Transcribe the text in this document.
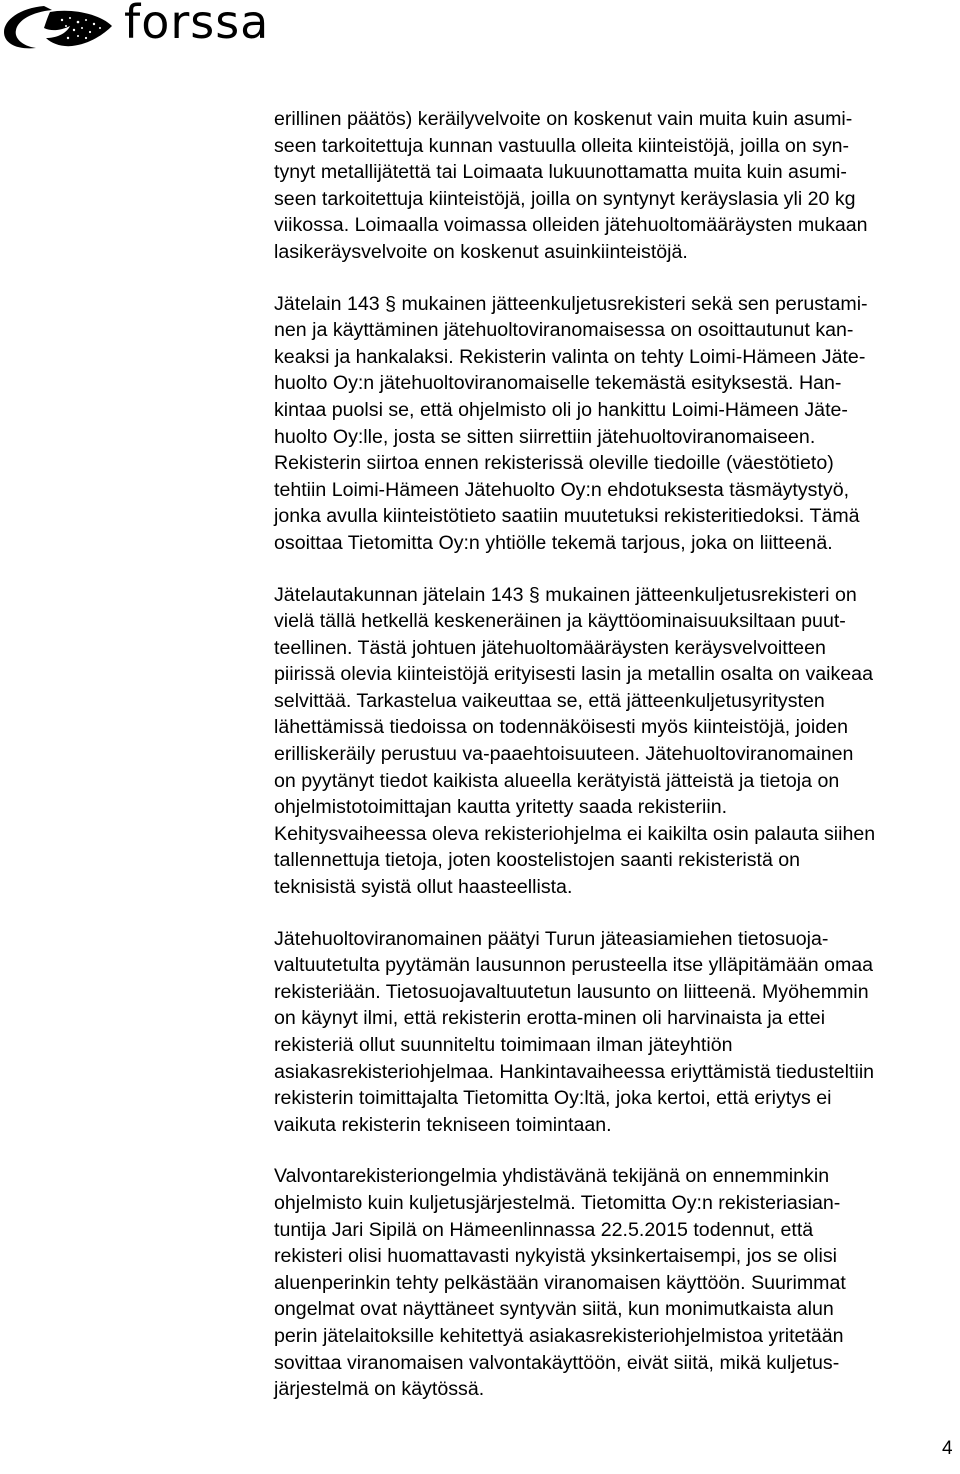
forssa
erillinen päätös) keräilyvelvoite on koskenut vain muita kuin asumi-
seen tarkoitettuja kunnan vastuulla olleita kiinteistöjä, joilla on syn-
tynyt metallijätettä tai Loimaata lukuunottamatta muita kuin asumi-
seen tarkoitettuja kiinteistöjä, joilla on syntynyt keräyslasia yli 20 kg
viikossa. Loimaalla voimassa olleiden jätehuoltomääräysten mukaan
lasikeräysvelvoite on koskenut asuinkiinteistöjä.
Jätelain 143 § mukainen jätteenkuljetusrekisteri sekä sen perustami-
nen ja käyttäminen jätehuoltoviranomaisessa on osoittautunut kan-
keaksi ja hankalaksi. Rekisterin valinta on tehty Loimi-Hämeen Jäte-
huolto Oy:n jätehuoltoviranomaiselle tekemästä esityksestä. Han-
kintaa puolsi se, että ohjelmisto oli jo hankittu Loimi-Hämeen Jäte-
huolto Oy:lle, josta se sitten siirrettiin jätehuoltoviranomaiseen.
Rekisterin siirtoa ennen rekisterissä oleville tiedoille (väestötieto)
tehtiin Loimi-Hämeen Jätehuolto Oy:n ehdotuksesta täsmäytystyö,
jonka avulla kiinteistötieto saatiin muutetuksi rekisteritiedoksi. Tämä
osoittaa Tietomitta Oy:n yhtiölle tekemä tarjous, joka on liitteenä.
Jätelautakunnan jätelain 143 § mukainen jätteenkuljetusrekisteri on
vielä tällä hetkellä keskeneräinen ja käyttöominaisuuksiltaan puut-
teellinen. Tästä johtuen jätehuoltomääräysten keräysvelvoitteen
piirissä olevia kiinteistöjä erityisesti lasin ja metallin osalta on vaikeaa
selvittää. Tarkastelua vaikeuttaa se, että jätteenkuljetusyritysten
lähettämissä tiedoissa on todennäköisesti myös kiinteistöjä, joiden
erilliskeräily perustuu va-paaehtoisuuteen. Jätehuoltoviranomainen
on pyytänyt tiedot kaikista alueella kerätyistä jätteistä ja tietoja on
ohjelmistotoimittajan kautta yritetty saada rekisteriin.
Kehitysvaiheessa oleva rekisteriohjelma ei kaikilta osin palauta siihen
tallennettuja tietoja, joten koostelistojen saanti rekisteristä on
teknisistä syistä ollut haasteellista.
Jätehuoltoviranomainen päätyi Turun jäteasiamiehen tietosuoja-
valtuutetulta pyytämän lausunnon perusteella itse ylläpitämään omaa
rekisteriään. Tietosuojavaltuutetun lausunto on liitteenä. Myöhemmin
on käynyt ilmi, että rekisterin erotta-minen oli harvinaista ja ettei
rekisteriä ollut suunniteltu toimimaan ilman jäteyhtiön
asiakasrekisteriohjelmaa. Hankintavaiheessa eriyttämistä tiedusteltiin
rekisterin toimittajalta Tietomitta Oy:ltä, joka kertoi, että eriytys ei
vaikuta rekisterin tekniseen toimintaan.
Valvontarekisteriongelmia yhdistävänä tekijänä on ennemminkin
ohjelmisto kuin kuljetusjärjestelmä. Tietomitta Oy:n rekisteriasian-
tuntija Jari Sipilä on Hämeenlinnassa 22.5.2015 todennut, että
rekisteri olisi huomattavasti nykyistä yksinkertaisempi, jos se olisi
aluenperinkin tehty pelkästään viranomaisen käyttöön. Suurimmat
ongelmat ovat näyttäneet syntyvän siitä, kun monimutkaista alun
perin jätelaitoksille kehitettyä asiakasrekisteriohjelmistoa yritetään
sovittaa viranomaisen valvontakäyttöön, eivät siitä, mikä kuljetus-
järjestelmä on käytössä.
4
